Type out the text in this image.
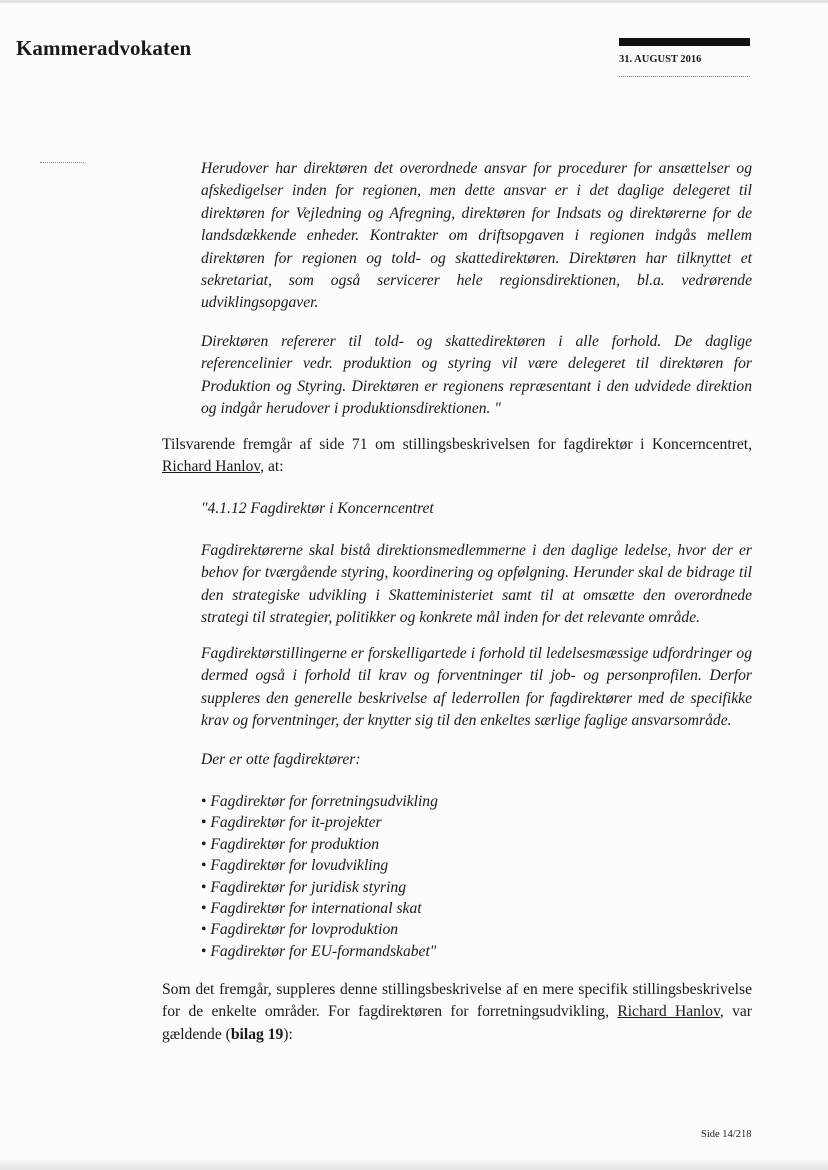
Kammeradvokaten	31. AUGUST 2016

Herudover har direktøren det overordnede ansvar for procedurer for ansættelser og afskedigelser inden for regionen, men dette ansvar er i det daglige delegeret til direktøren for Vejledning og Afregning, direktøren for Indsats og direktørerne for de landsdækkende enheder. Kontrakter om driftsopgaven i regionen indgås mellem direktøren for regionen og told- og skattedirektøren. Direktøren har tilknyttet et sekretariat, som også servicerer hele regionsdirektionen, bl.a. vedrørende udviklingsopgaver.

Direktøren refererer til told- og skattedirektøren i alle forhold. De daglige referencelinier vedr. produktion og styring vil være delegeret til direktøren for Produktion og Styring. Direktøren er regionens repræsentant i den udvidede direktion og indgår herudover i produktionsdirektionen. "

Tilsvarende fremgår af side 71 om stillingsbeskrivelsen for fagdirektør i Koncerncentret, Richard Hanlov, at:

"4.1.12 Fagdirektør i Koncerncentret

Fagdirektørerne skal bistå direktionsmedlemmerne i den daglige ledelse, hvor der er behov for tværgående styring, koordinering og opfølgning. Herunder skal de bidrage til den strategiske udvikling i Skatteministeriet samt til at omsætte den overordnede strategi til strategier, politikker og konkrete mål inden for det relevante område.

Fagdirektørstillingerne er forskelligartede i forhold til ledelsesmæssige udfordringer og dermed også i forhold til krav og forventninger til job- og personprofilen. Derfor suppleres den generelle beskrivelse af lederrollen for fagdirektører med de specifikke krav og forventninger, der knytter sig til den enkeltes særlige faglige ansvarsområde.

Der er otte fagdirektører:

• Fagdirektør for forretningsudvikling
• Fagdirektør for it-projekter
• Fagdirektør for produktion
• Fagdirektør for lovudvikling
• Fagdirektør for juridisk styring
• Fagdirektør for international skat
• Fagdirektør for lovproduktion
• Fagdirektør for EU-formandskabet"

Som det fremgår, suppleres denne stillingsbeskrivelse af en mere specifik stillingsbeskrivelse for de enkelte områder. For fagdirektøren for forretningsudvikling, Richard Hanlov, var gældende (bilag 19):

Side 14/218
